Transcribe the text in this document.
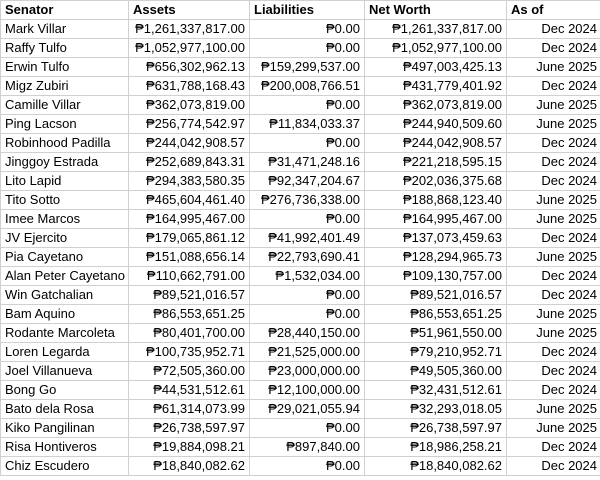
Senator	Assets	Liabilities	Net Worth	As of
Mark Villar	₱1,261,337,817.00	₱0.00	₱1,261,337,817.00	Dec 2024
Raffy Tulfo	₱1,052,977,100.00	₱0.00	₱1,052,977,100.00	Dec 2024
Erwin Tulfo	₱656,302,962.13	₱159,299,537.00	₱497,003,425.13	June 2025
Migz Zubiri	₱631,788,168.43	₱200,008,766.51	₱431,779,401.92	Dec 2024
Camille Villar	₱362,073,819.00	₱0.00	₱362,073,819.00	June 2025
Ping Lacson	₱256,774,542.97	₱11,834,033.37	₱244,940,509.60	June 2025
Robinhood Padilla	₱244,042,908.57	₱0.00	₱244,042,908.57	Dec 2024
Jinggoy Estrada	₱252,689,843.31	₱31,471,248.16	₱221,218,595.15	Dec 2024
Lito Lapid	₱294,383,580.35	₱92,347,204.67	₱202,036,375.68	Dec 2024
Tito Sotto	₱465,604,461.40	₱276,736,338.00	₱188,868,123.40	June 2025
Imee Marcos	₱164,995,467.00	₱0.00	₱164,995,467.00	June 2025
JV Ejercito	₱179,065,861.12	₱41,992,401.49	₱137,073,459.63	Dec 2024
Pia Cayetano	₱151,088,656.14	₱22,793,690.41	₱128,294,965.73	June 2025
Alan Peter Cayetano	₱110,662,791.00	₱1,532,034.00	₱109,130,757.00	Dec 2024
Win Gatchalian	₱89,521,016.57	₱0.00	₱89,521,016.57	Dec 2024
Bam Aquino	₱86,553,651.25	₱0.00	₱86,553,651.25	June 2025
Rodante Marcoleta	₱80,401,700.00	₱28,440,150.00	₱51,961,550.00	June 2025
Loren Legarda	₱100,735,952.71	₱21,525,000.00	₱79,210,952.71	Dec 2024
Joel Villanueva	₱72,505,360.00	₱23,000,000.00	₱49,505,360.00	Dec 2024
Bong Go	₱44,531,512.61	₱12,100,000.00	₱32,431,512.61	Dec 2024
Bato dela Rosa	₱61,314,073.99	₱29,021,055.94	₱32,293,018.05	June 2025
Kiko Pangilinan	₱26,738,597.97	₱0.00	₱26,738,597.97	June 2025
Risa Hontiveros	₱19,884,098.21	₱897,840.00	₱18,986,258.21	Dec 2024
Chiz Escudero	₱18,840,082.62	₱0.00	₱18,840,082.62	Dec 2024
